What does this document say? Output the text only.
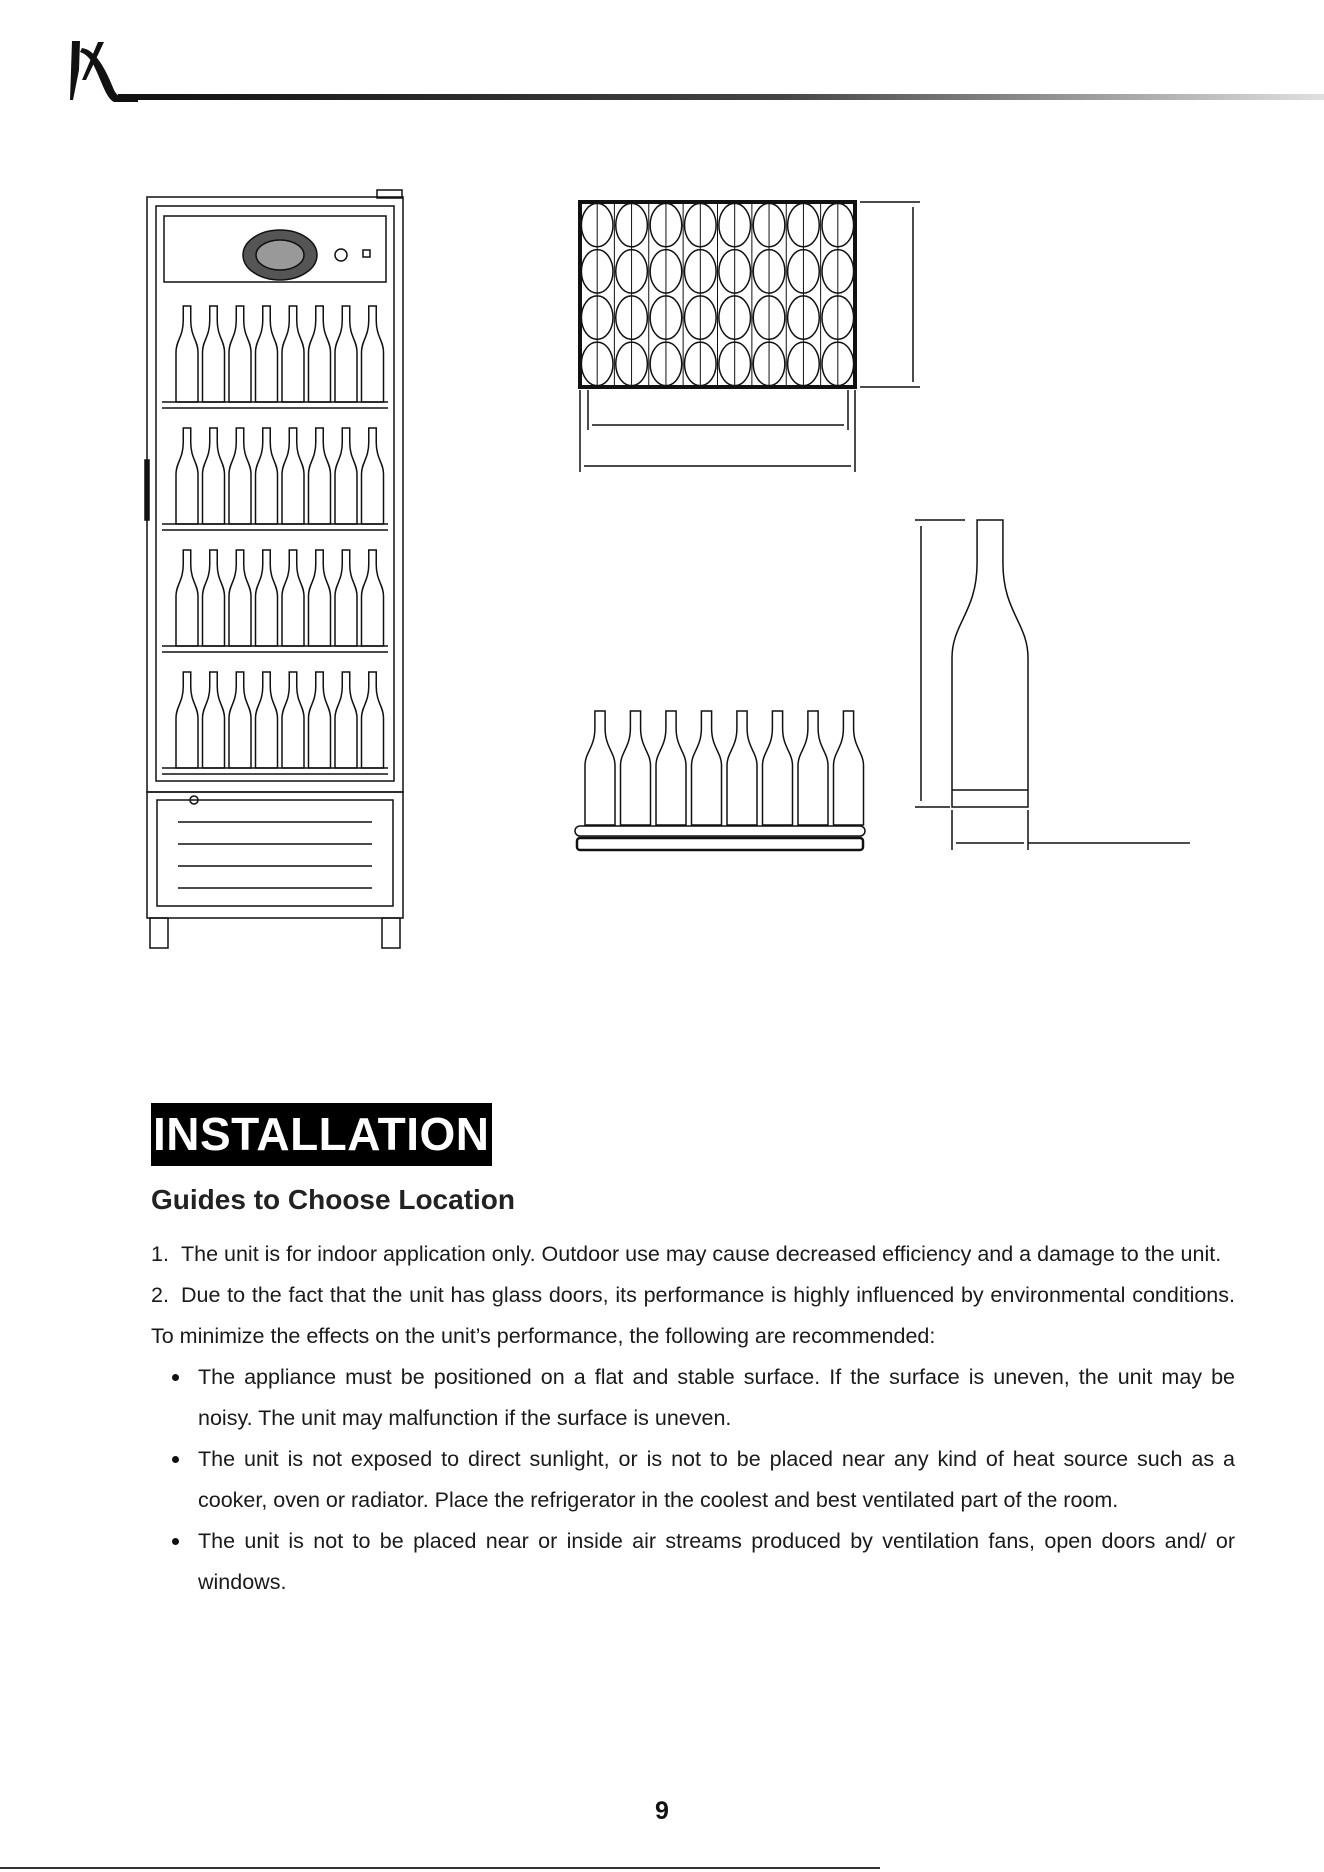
INSTALLATION
Guides to Choose Location

1. The unit is for indoor application only. Outdoor use may cause decreased efficiency and a damage to the unit.

2. Due to the fact that the unit has glass doors, its performance is highly influenced by environmental conditions. To minimize the effects on the unit’s performance, the following are recommended:

The appliance must be positioned on a flat and stable surface. If the surface is uneven, the unit may be noisy. The unit may malfunction if the surface is uneven.
The unit is not exposed to direct sunlight, or is not to be placed near any kind of heat source such as a cooker, oven or radiator. Place the refrigerator in the coolest and best ventilated part of the room.
The unit is not to be placed near or inside air streams produced by ventilation fans, open doors and/ or windows.
9
